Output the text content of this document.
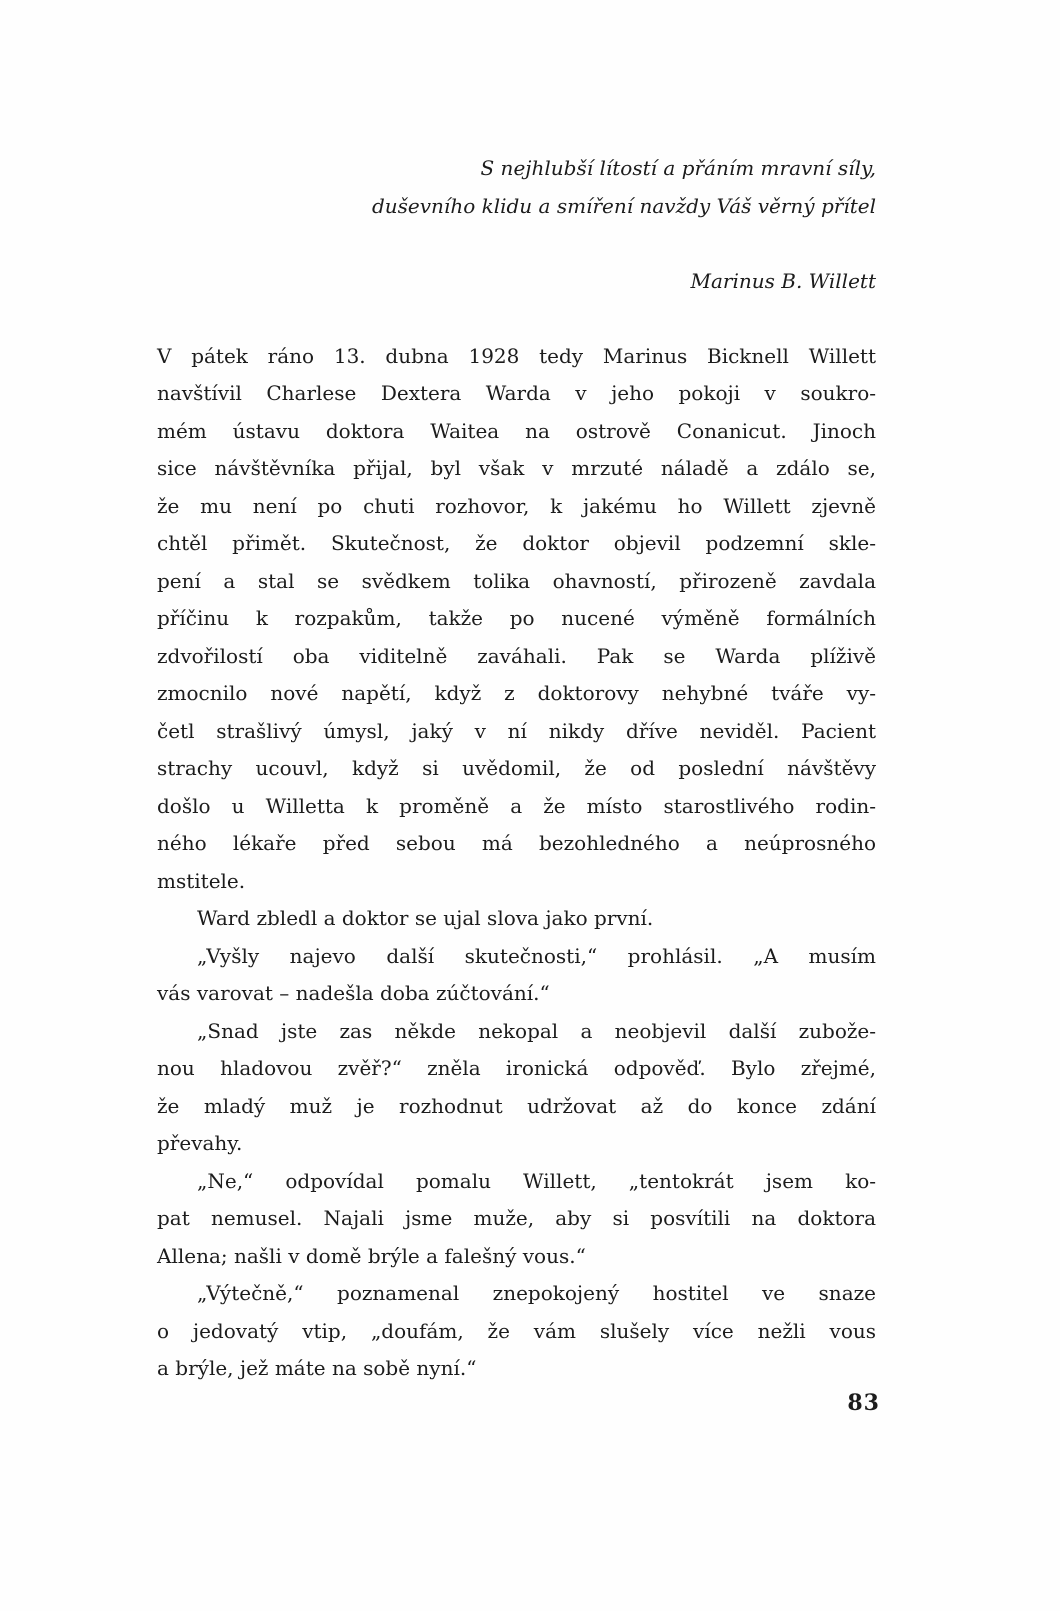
S nejhlubší lítostí a přáním mravní síly,
duševního klidu a smíření navždy Váš věrný přítel
Marinus B. Willett
V pátek ráno 13. dubna 1928 tedy Marinus Bicknell Willett
navštívil Charlese Dextera Warda v jeho pokoji v soukro-
mém ústavu doktora Waitea na ostrově Conanicut. Jinoch
sice návštěvníka přijal, byl však v mrzuté náladě a zdálo se,
že mu není po chuti rozhovor, k jakému ho Willett zjevně
chtěl přimět. Skutečnost, že doktor objevil podzemní skle-
pení a stal se svědkem tolika ohavností, přirozeně zavdala
příčinu k rozpakům, takže po nucené výměně formálních
zdvořilostí oba viditelně zaváhali. Pak se Warda plíživě
zmocnilo nové napětí, když z doktorovy nehybné tváře vy-
četl strašlivý úmysl, jaký v ní nikdy dříve neviděl. Pacient
strachy ucouvl, když si uvědomil, že od poslední návštěvy
došlo u Willetta k proměně a že místo starostlivého rodin-
ného lékaře před sebou má bezohledného a neúprosného
mstitele.
Ward zbledl a doktor se ujal slova jako první.
„Vyšly najevo další skutečnosti,“ prohlásil. „A musím
vás varovat – nadešla doba zúčtování.“
„Snad jste zas někde nekopal a neobjevil další zubože-
nou hladovou zvěř?“ zněla ironická odpověď. Bylo zřejmé,
že mladý muž je rozhodnut udržovat až do konce zdání
převahy.
„Ne,“ odpovídal pomalu Willett, „tentokrát jsem ko-
pat nemusel. Najali jsme muže, aby si posvítili na doktora
Allena; našli v domě brýle a falešný vous.“
„Výtečně,“ poznamenal znepokojený hostitel ve snaze
o jedovatý vtip, „doufám, že vám slušely více nežli vous
a brýle, jež máte na sobě nyní.“
83
